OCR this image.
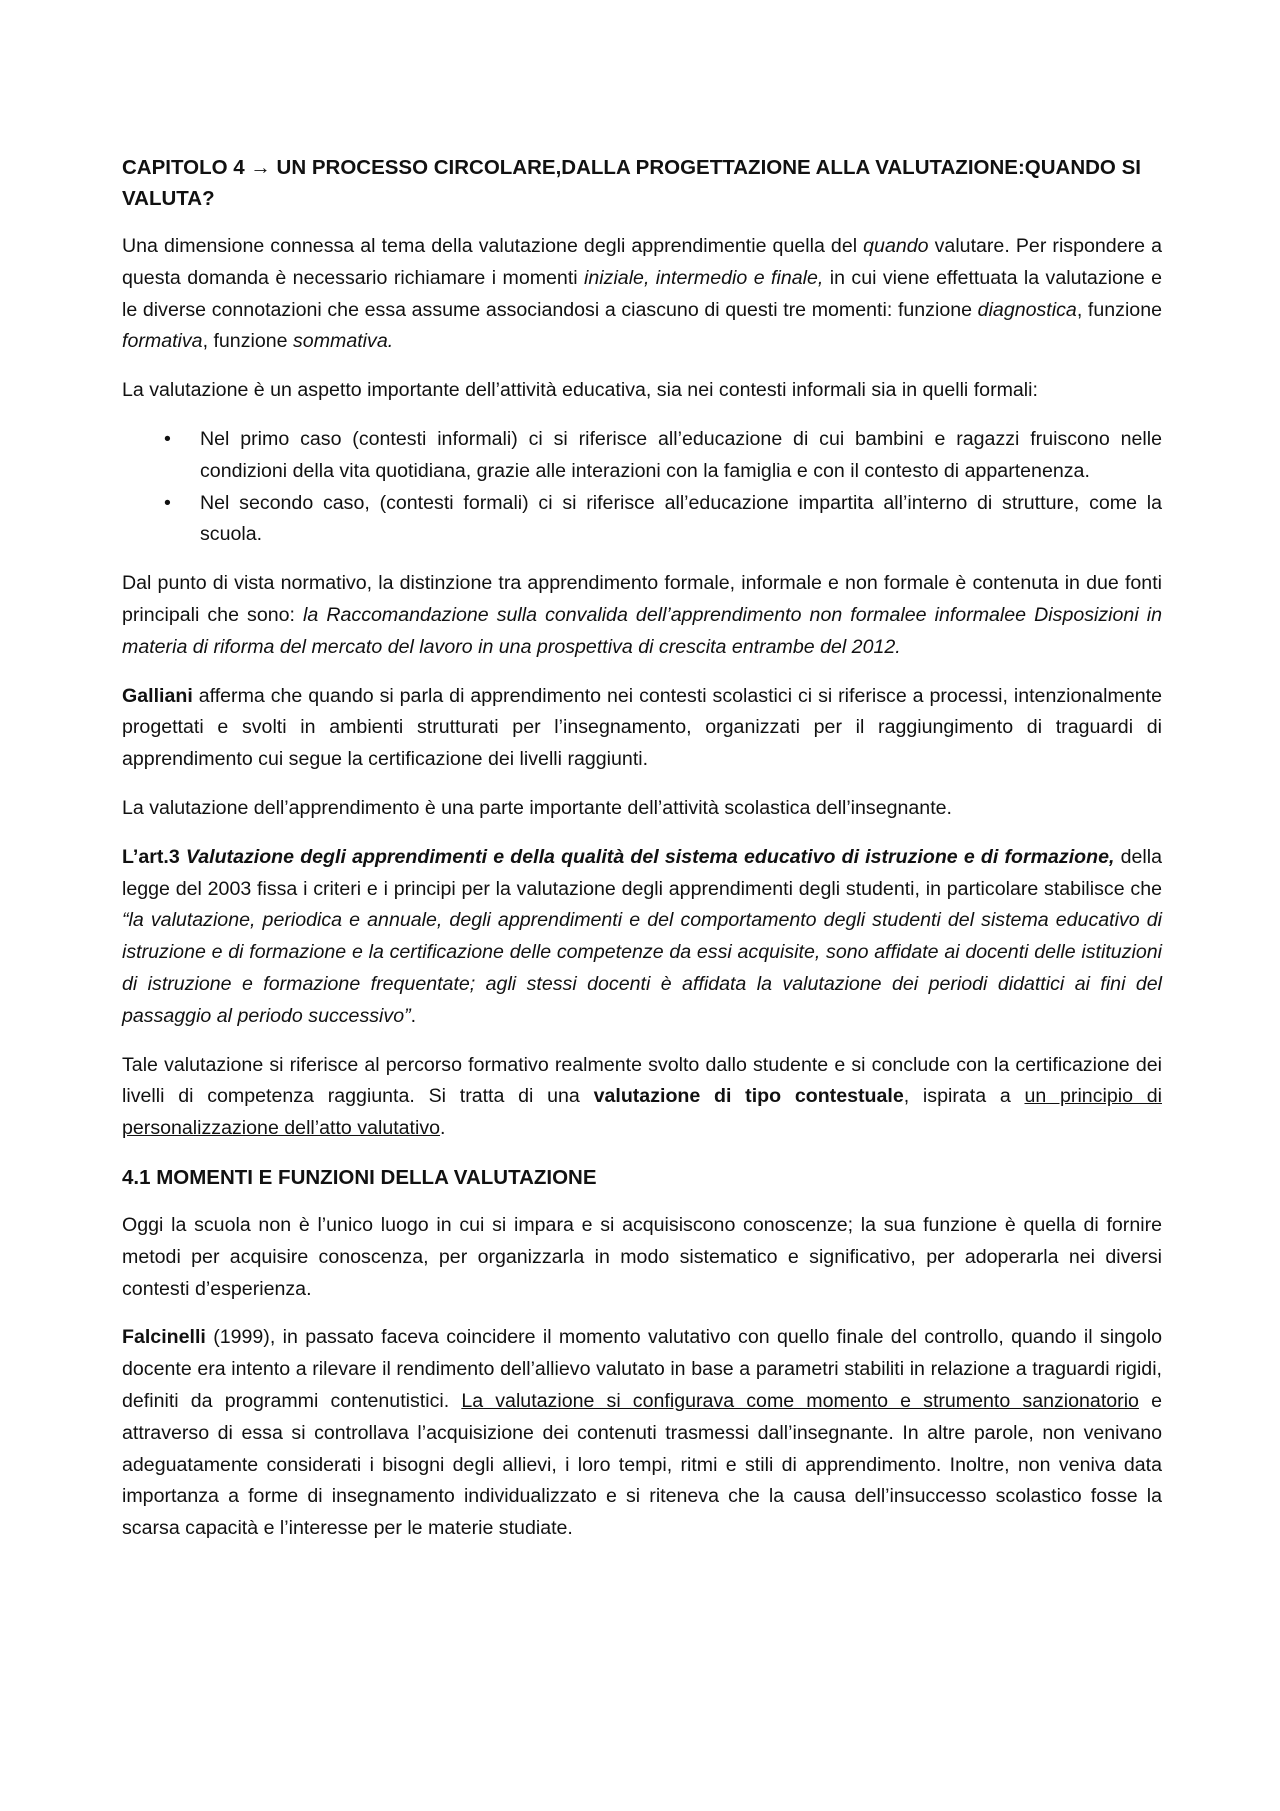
CAPITOLO 4 → UN PROCESSO CIRCOLARE,DALLA PROGETTAZIONE ALLA VALUTAZIONE:QUANDO SI VALUTA?

Una dimensione connessa al tema della valutazione degli apprendimentie quella del quando valutare. Per rispondere a questa domanda è necessario richiamare i momenti iniziale, intermedio e finale, in cui viene effettuata la valutazione e le diverse connotazioni che essa assume associandosi a ciascuno di questi tre momenti: funzione diagnostica, funzione formativa, funzione sommativa.

La valutazione è un aspetto importante dell’attività educativa, sia nei contesti informali sia in quelli formali:

• Nel primo caso (contesti informali) ci si riferisce all’educazione di cui bambini e ragazzi fruiscono nelle condizioni della vita quotidiana, grazie alle interazioni con la famiglia e con il contesto di appartenenza.
• Nel secondo caso, (contesti formali) ci si riferisce all’educazione impartita all’interno di strutture, come la scuola.

Dal punto di vista normativo, la distinzione tra apprendimento formale, informale e non formale è contenuta in due fonti principali che sono: la Raccomandazione sulla convalida dell’apprendimento non formalee informalee Disposizioni in materia di riforma del mercato del lavoro in una prospettiva di crescita entrambe del 2012.

Galliani afferma che quando si parla di apprendimento nei contesti scolastici ci si riferisce a processi, intenzionalmente progettati e svolti in ambienti strutturati per l’insegnamento, organizzati per il raggiungimento di traguardi di apprendimento cui segue la certificazione dei livelli raggiunti.

La valutazione dell’apprendimento è una parte importante dell’attività scolastica dell’insegnante.

L’art.3 Valutazione degli apprendimenti e della qualità del sistema educativo di istruzione e di formazione, della legge del 2003 fissa i criteri e i principi per la valutazione degli apprendimenti degli studenti, in particolare stabilisce che “la valutazione, periodica e annuale, degli apprendimenti e del comportamento degli studenti del sistema educativo di istruzione e di formazione e la certificazione delle competenze da essi acquisite, sono affidate ai docenti delle istituzioni di istruzione e formazione frequentate; agli stessi docenti è affidata la valutazione dei periodi didattici ai fini del passaggio al periodo successivo”.

Tale valutazione si riferisce al percorso formativo realmente svolto dallo studente e si conclude con la certificazione dei livelli di competenza raggiunta. Si tratta di una valutazione di tipo contestuale, ispirata a un principio di personalizzazione dell’atto valutativo.

4.1 MOMENTI E FUNZIONI DELLA VALUTAZIONE

Oggi la scuola non è l’unico luogo in cui si impara e si acquisiscono conoscenze; la sua funzione è quella di fornire metodi per acquisire conoscenza, per organizzarla in modo sistematico e significativo, per adoperarla nei diversi contesti d’esperienza.

Falcinelli (1999), in passato faceva coincidere il momento valutativo con quello finale del controllo, quando il singolo docente era intento a rilevare il rendimento dell’allievo valutato in base a parametri stabiliti in relazione a traguardi rigidi, definiti da programmi contenutistici. La valutazione si configurava come momento e strumento sanzionatorio e attraverso di essa si controllava l’acquisizione dei contenuti trasmessi dall’insegnante. In altre parole, non venivano adeguatamente considerati i bisogni degli allievi, i loro tempi, ritmi e stili di apprendimento. Inoltre, non veniva data importanza a forme di insegnamento individualizzato e si riteneva che la causa dell’insuccesso scolastico fosse la scarsa capacità e l’interesse per le materie studiate.
